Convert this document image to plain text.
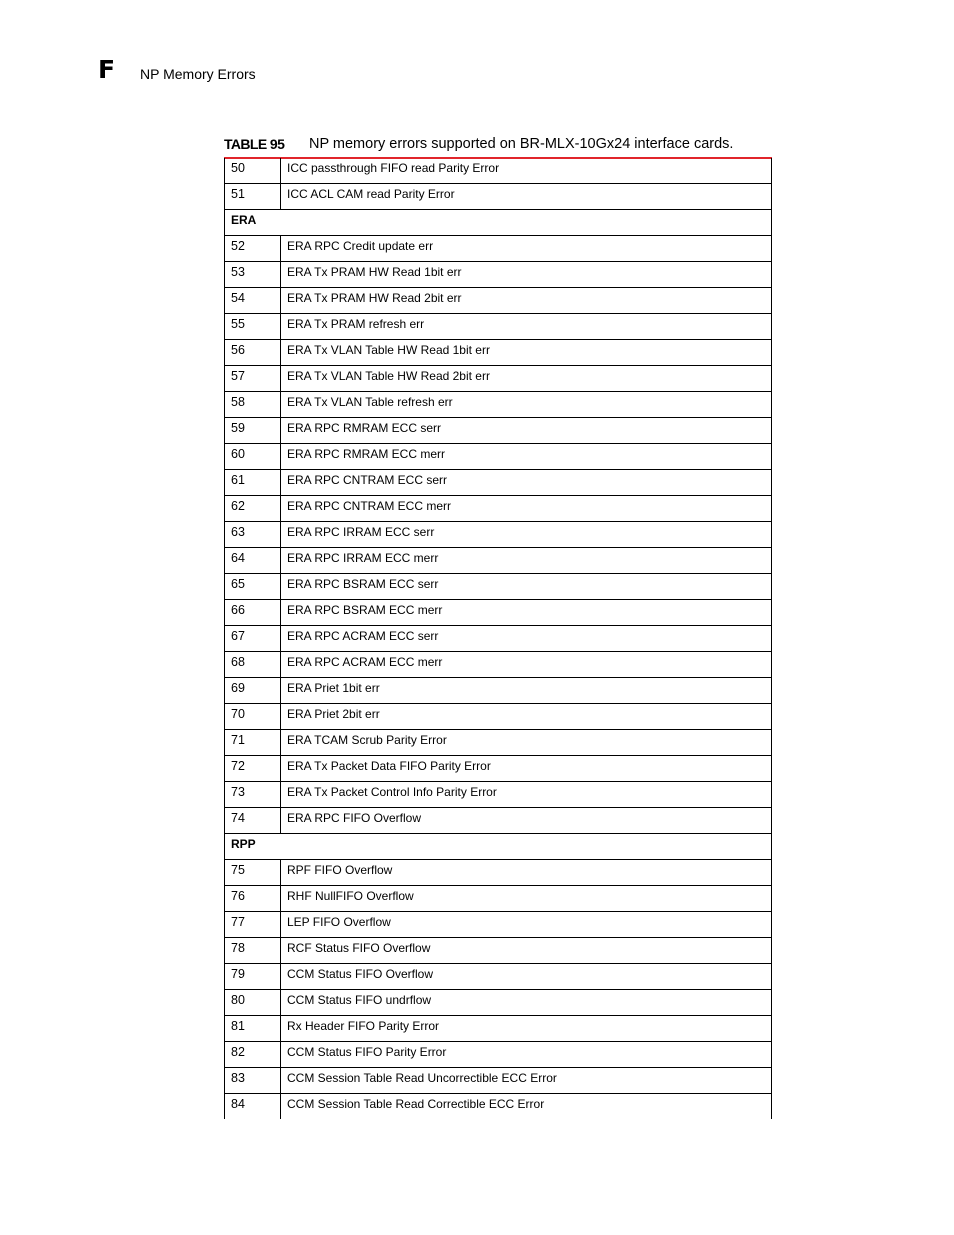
F NP Memory Errors
TABLE 95 NP memory errors supported on BR-MLX-10Gx24 interface cards.
50	ICC passthrough FIFO read Parity Error
51	ICC ACL CAM read Parity Error
ERA	
52	ERA RPC Credit update err
53	ERA Tx PRAM HW Read 1bit err
54	ERA Tx PRAM HW Read 2bit err
55	ERA Tx PRAM refresh err
56	ERA Tx VLAN Table HW Read 1bit err
57	ERA Tx VLAN Table HW Read 2bit err
58	ERA Tx VLAN Table refresh err
59	ERA RPC RMRAM ECC serr
60	ERA RPC RMRAM ECC merr
61	ERA RPC CNTRAM ECC serr
62	ERA RPC CNTRAM ECC merr
63	ERA RPC IRRAM ECC serr
64	ERA RPC IRRAM ECC merr
65	ERA RPC BSRAM ECC serr
66	ERA RPC BSRAM ECC merr
67	ERA RPC ACRAM ECC serr
68	ERA RPC ACRAM ECC merr
69	ERA Priet 1bit err
70	ERA Priet 2bit err
71	ERA TCAM Scrub Parity Error
72	ERA Tx Packet Data FIFO Parity Error
73	ERA Tx Packet Control Info Parity Error
74	ERA RPC FIFO Overflow
RPP	
75	RPF FIFO Overflow
76	RHF NullFIFO Overflow
77	LEP FIFO Overflow
78	RCF Status FIFO Overflow
79	CCM Status FIFO Overflow
80	CCM Status FIFO undrflow
81	Rx Header FIFO Parity Error
82	CCM Status FIFO Parity Error
83	CCM Session Table Read Uncorrectible ECC Error
84	CCM Session Table Read Correctible ECC Error
